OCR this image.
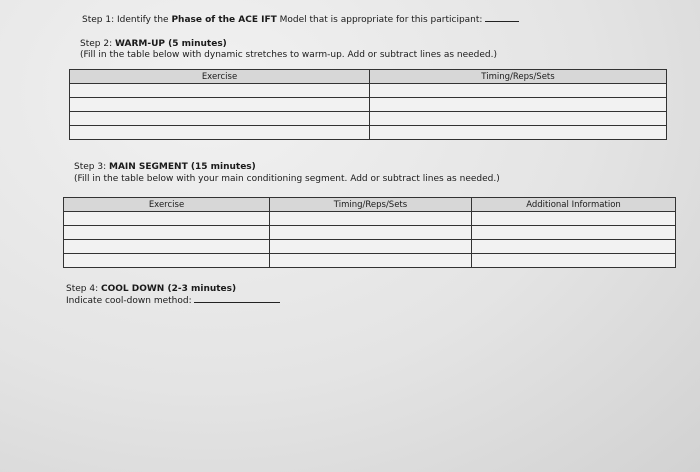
Step 1: Identify the Phase of the ACE IFT Model that is appropriate for this participant:
Step 2: WARM-UP (5 minutes)
(Fill in the table below with dynamic stretches to warm-up. Add or subtract lines as needed.)
Exercise	Timing/Reps/Sets

Step 3: MAIN SEGMENT (15 minutes)
(Fill in the table below with your main conditioning segment. Add or subtract lines as needed.)
Exercise	Timing/Reps/Sets	Additional Information

Step 4: COOL DOWN (2-3 minutes)
Indicate cool-down method:
